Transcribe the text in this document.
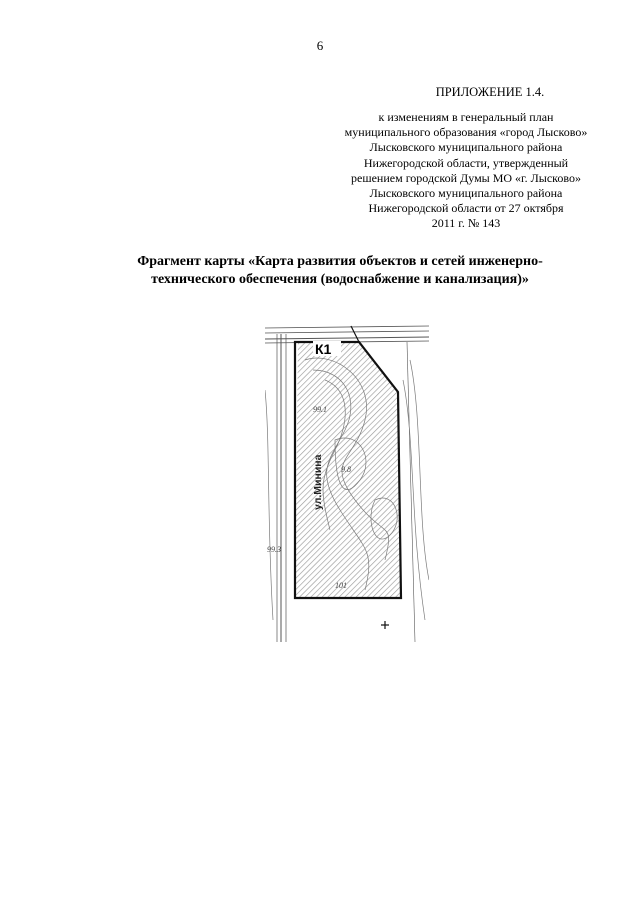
6
ПРИЛОЖЕНИЕ 1.4.
к изменениям в генеральный план
муниципального образования «город Лысково»
Лысковского муниципального района
Нижегородской области, утвержденный
решением городской Думы МО «г. Лысково»
Лысковского муниципального района
Нижегородской области от 27 октября
2011 г. № 143
Фрагмент карты «Карта развития объектов и сетей инженерно-
технического обеспечения (водоснабжение и канализация)»
К1
ул.Минина
99.1
9.8
99.3
101
